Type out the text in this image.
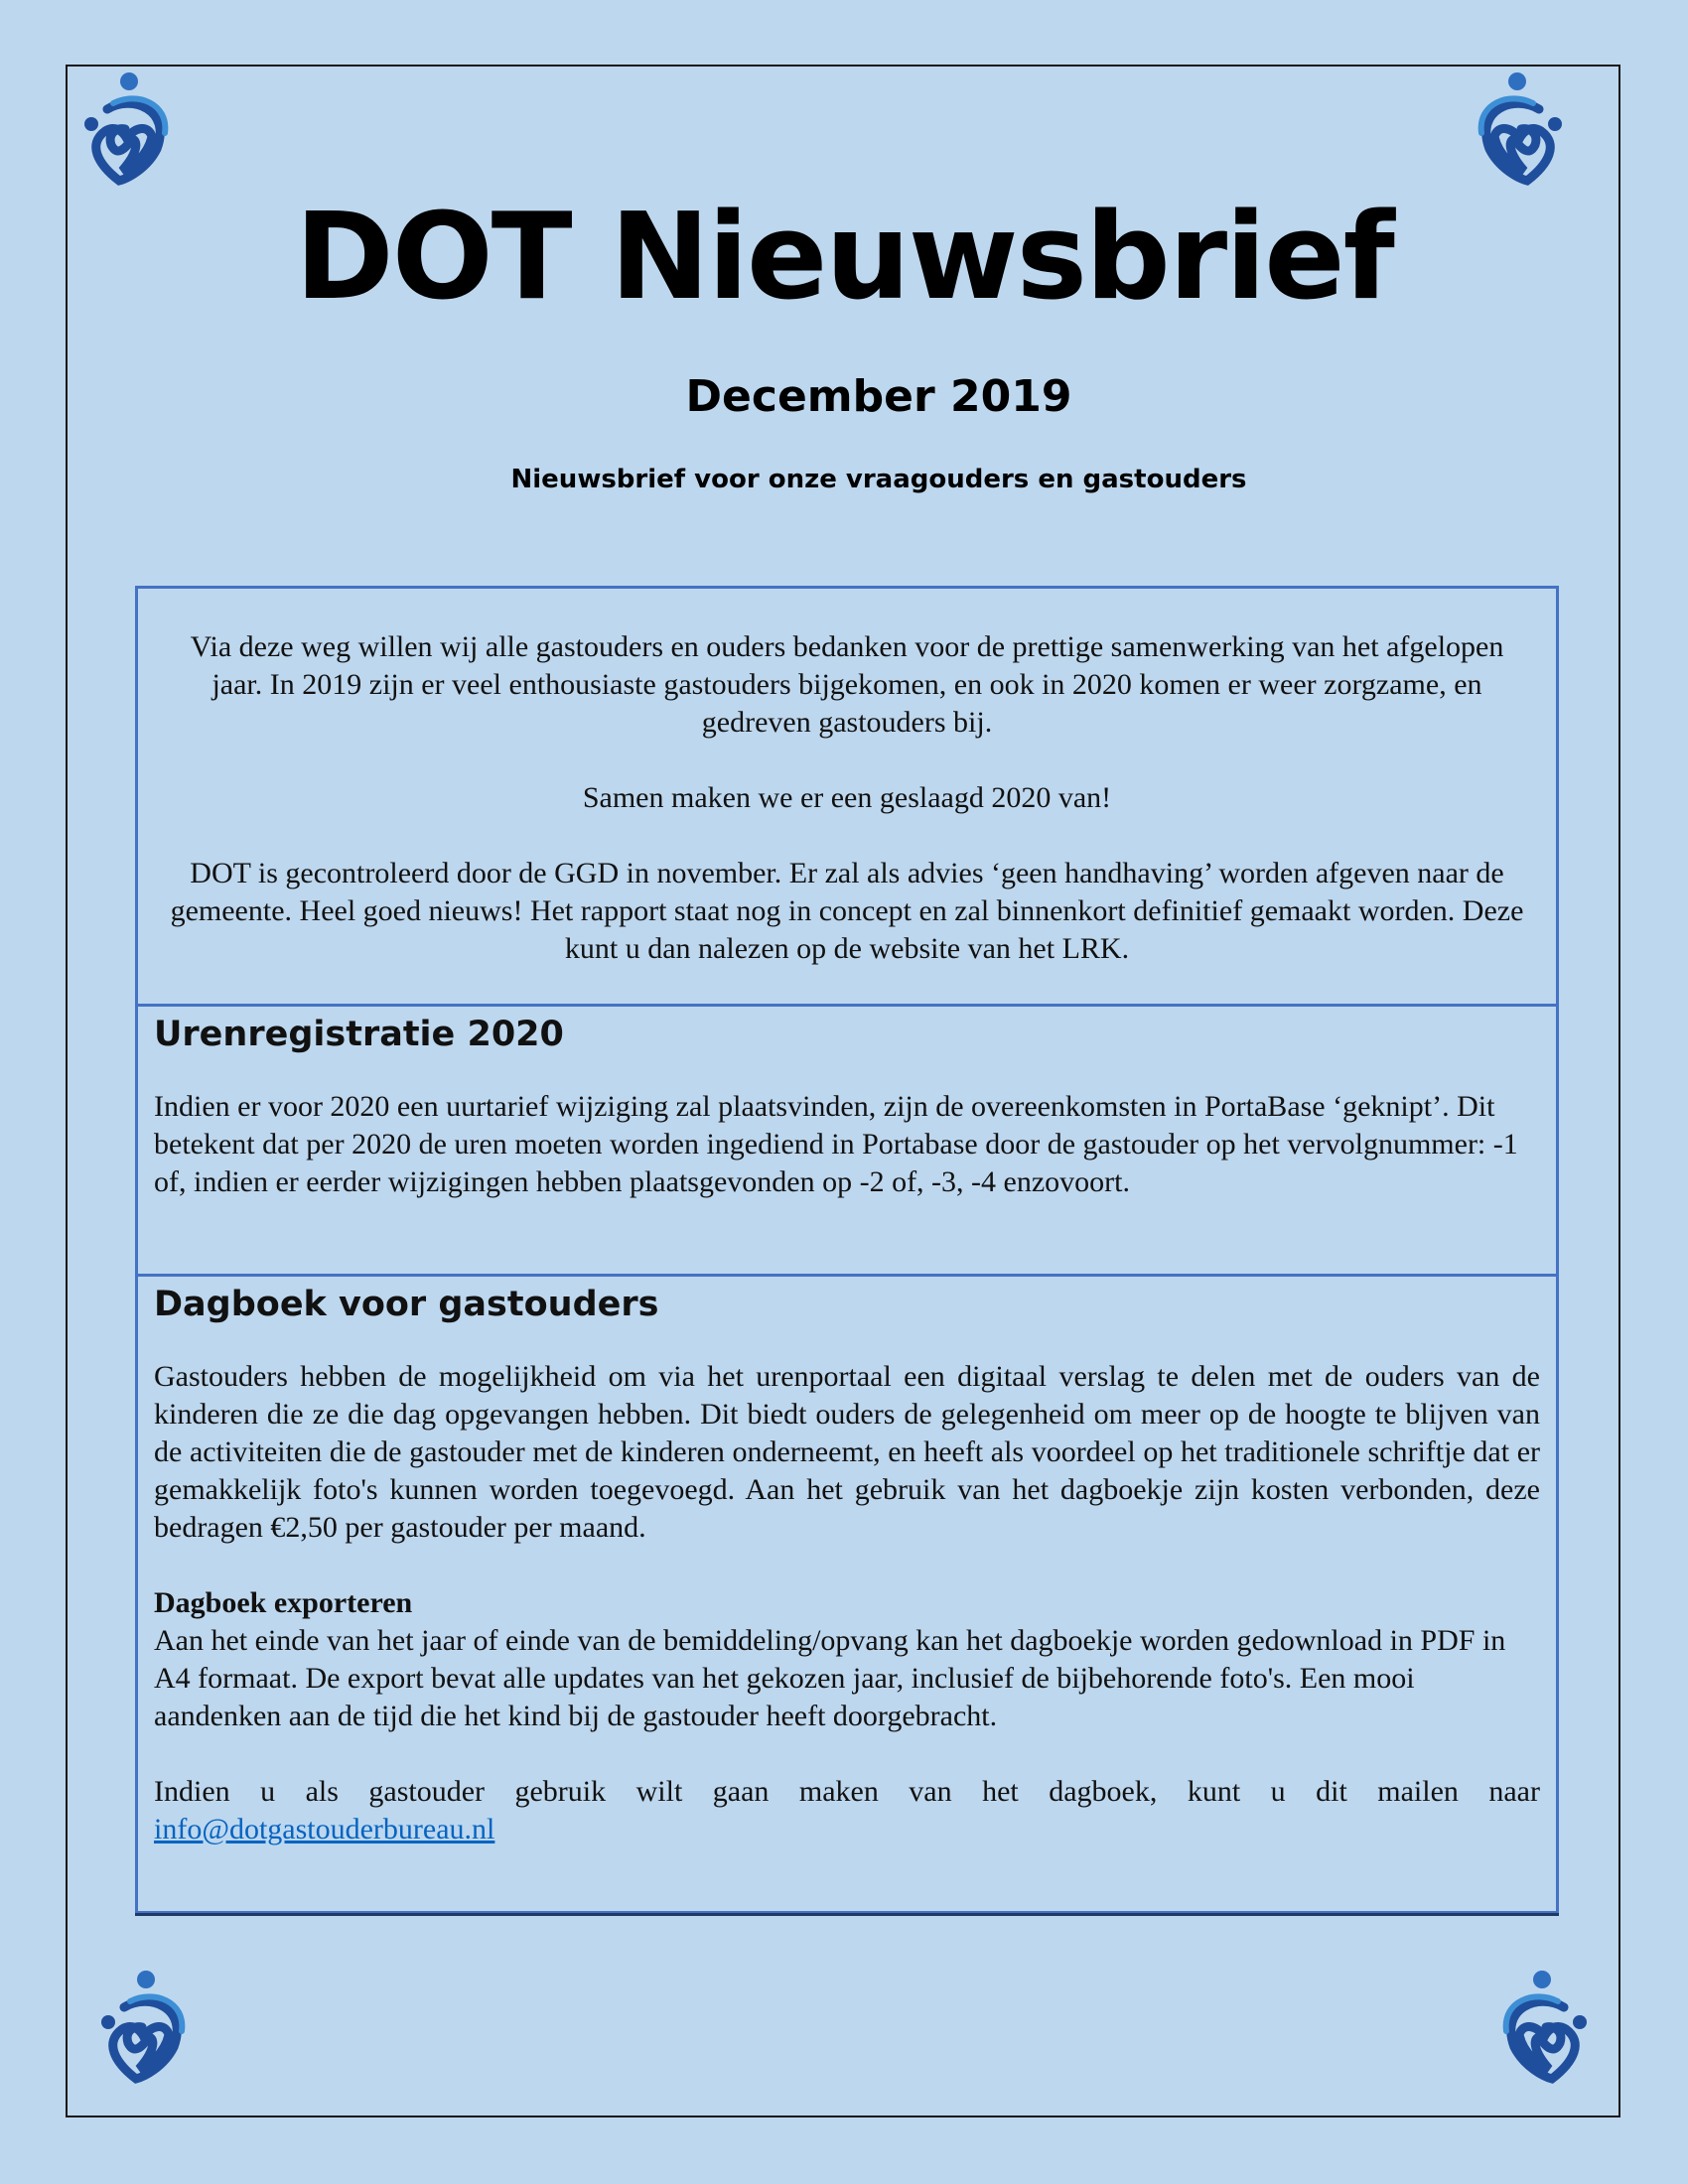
DOT Nieuwsbrief
December 2019
Nieuwsbrief voor onze vraagouders en gastouders

Via deze weg willen wij alle gastouders en ouders bedanken voor de prettige samenwerking van het afgelopen jaar. In 2019 zijn er veel enthousiaste gastouders bijgekomen, en ook in 2020 komen er weer zorgzame, en gedreven gastouders bij.

Samen maken we er een geslaagd 2020 van!

DOT is gecontroleerd door de GGD in november. Er zal als advies ‘geen handhaving’ worden afgeven naar de gemeente. Heel goed nieuws! Het rapport staat nog in concept en zal binnenkort definitief gemaakt worden. Deze kunt u dan nalezen op de website van het LRK.

Urenregistratie 2020

Indien er voor 2020 een uurtarief wijziging zal plaatsvinden, zijn de overeenkomsten in PortaBase ‘geknipt’. Dit betekent dat per 2020 de uren moeten worden ingediend in Portabase door de gastouder op het vervolgnummer: -1 of, indien er eerder wijzigingen hebben plaatsgevonden op -2 of, -3, -4 enzovoort.

Dagboek voor gastouders

Gastouders hebben de mogelijkheid om via het urenportaal een digitaal verslag te delen met de ouders van de kinderen die ze die dag opgevangen hebben. Dit biedt ouders de gelegenheid om meer op de hoogte te blijven van de activiteiten die de gastouder met de kinderen onderneemt, en heeft als voordeel op het traditionele schriftje dat er gemakkelijk foto's kunnen worden toegevoegd. Aan het gebruik van het dagboekje zijn kosten verbonden, deze bedragen €2,50 per gastouder per maand.

Dagboek exporteren

Aan het einde van het jaar of einde van de bemiddeling/opvang kan het dagboekje worden gedownload in PDF in A4 formaat. De export bevat alle updates van het gekozen jaar, inclusief de bijbehorende foto's. Een mooi aandenken aan de tijd die het kind bij de gastouder heeft doorgebracht.

Indien u als gastouder gebruik wilt gaan maken van het dagboek, kunt u dit mailen naar info@dotgastouderbureau.nl
